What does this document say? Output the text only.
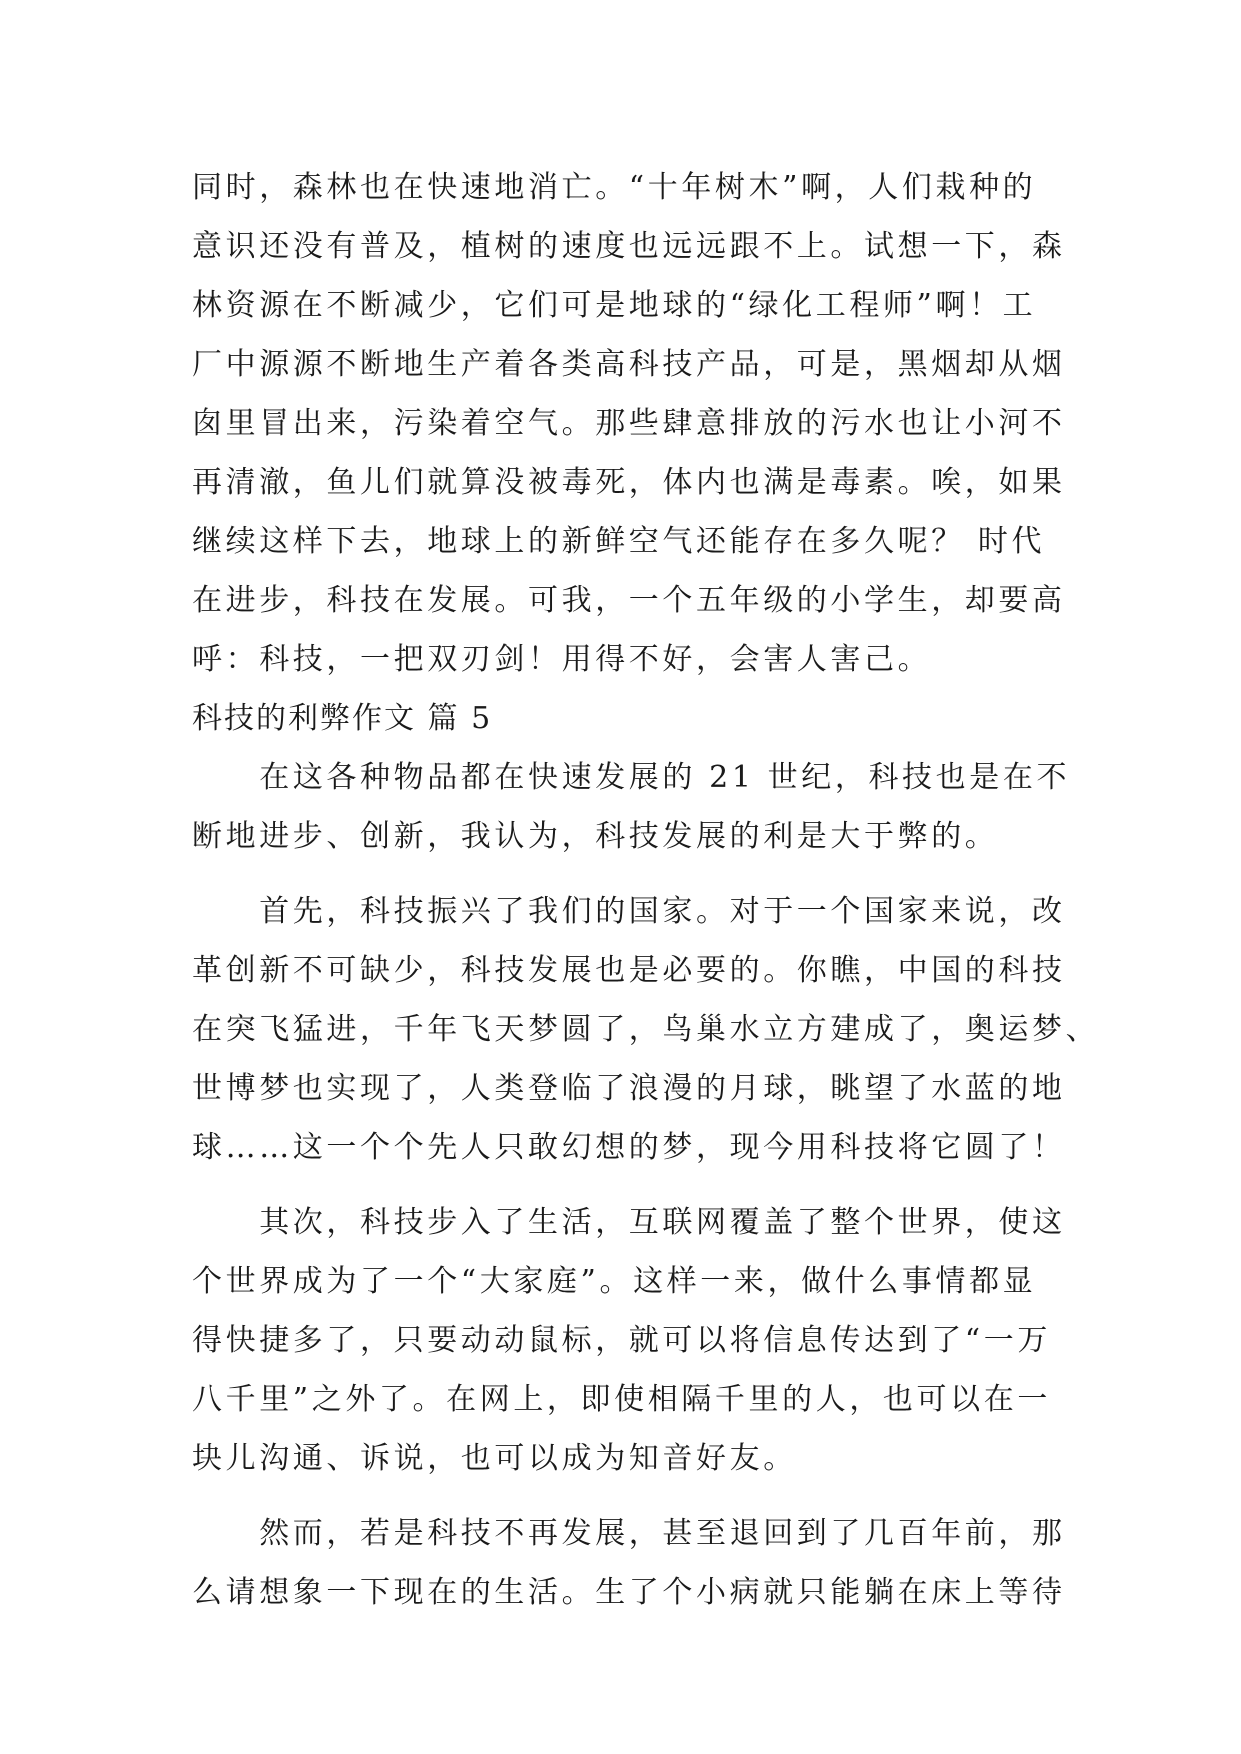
同时，森林也在快速地消亡。“十年树木”啊，人们栽种的
意识还没有普及，植树的速度也远远跟不上。试想一下，森
林资源在不断减少，它们可是地球的“绿化工程师”啊！工
厂中源源不断地生产着各类高科技产品，可是，黑烟却从烟
囱里冒出来，污染着空气。那些肆意排放的污水也让小河不
再清澈，鱼儿们就算没被毒死，体内也满是毒素。唉，如果
继续这样下去，地球上的新鲜空气还能存在多久呢？ 时代
在进步，科技在发展。可我，一个五年级的小学生，却要高
呼：科技，一把双刃剑！用得不好，会害人害己。
科技的利弊作文 篇 5
　　在这各种物品都在快速发展的 21 世纪，科技也是在不
断地进步、创新，我认为，科技发展的利是大于弊的。
　　首先，科技振兴了我们的国家。对于一个国家来说，改
革创新不可缺少，科技发展也是必要的。你瞧，中国的科技
在突飞猛进，千年飞天梦圆了，鸟巢水立方建成了，奥运梦、
世博梦也实现了，人类登临了浪漫的月球，眺望了水蓝的地
球……这一个个先人只敢幻想的梦，现今用科技将它圆了！
　　其次，科技步入了生活，互联网覆盖了整个世界，使这
个世界成为了一个“大家庭”。这样一来，做什么事情都显
得快捷多了，只要动动鼠标，就可以将信息传达到了“一万
八千里”之外了。在网上，即使相隔千里的人，也可以在一
块儿沟通、诉说，也可以成为知音好友。
　　然而，若是科技不再发展，甚至退回到了几百年前，那
么请想象一下现在的生活。生了个小病就只能躺在床上等待
